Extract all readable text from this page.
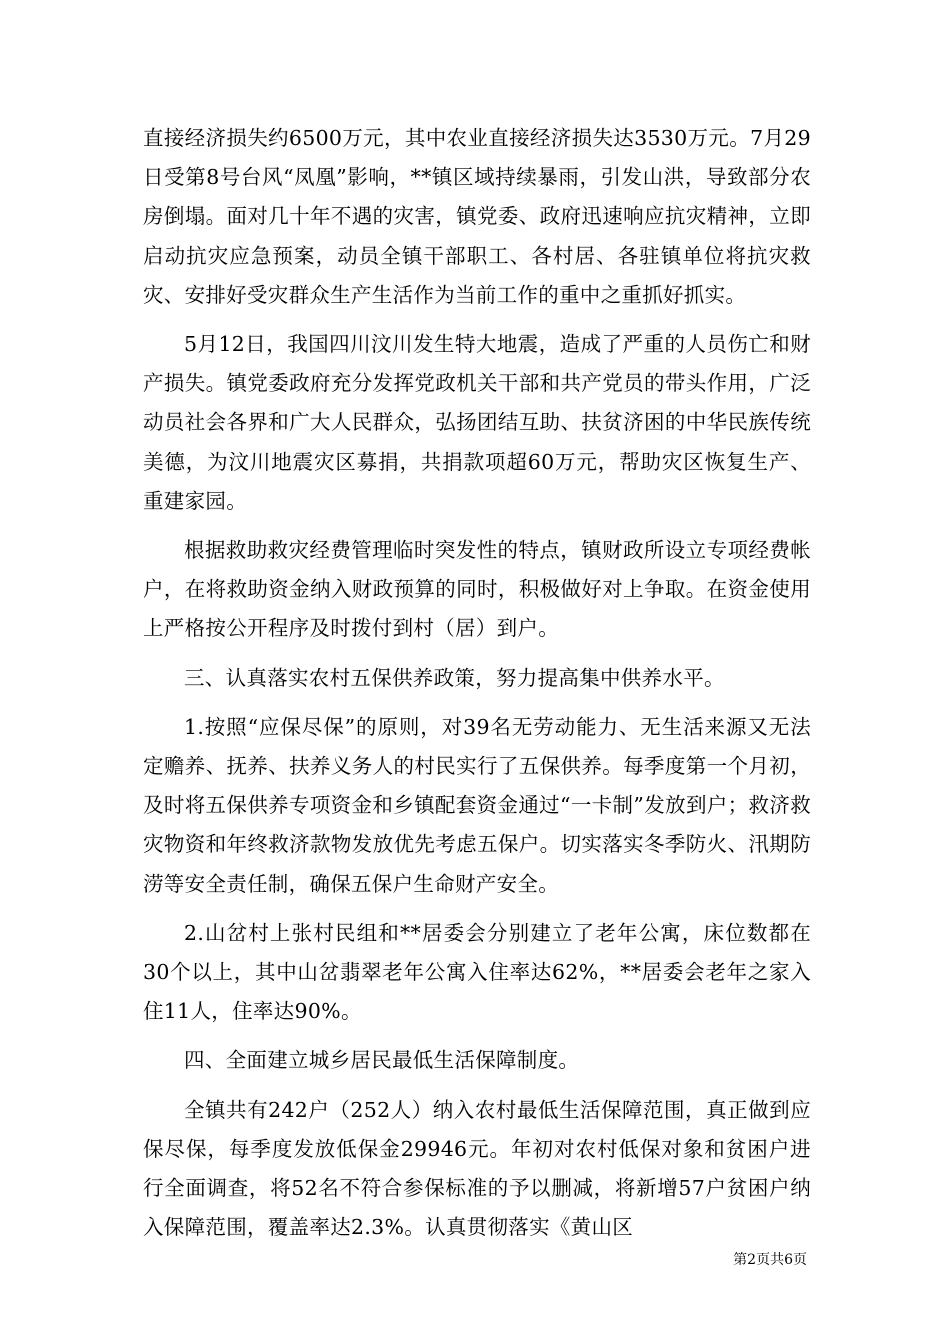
直接经济损失约6500万元，其中农业直接经济损失达3530万元。7月29日受第8号台风“凤凰”影响，**镇区域持续暴雨，引发山洪，导致部分农房倒塌。面对几十年不遇的灾害，镇党委、政府迅速响应抗灾精神，立即启动抗灾应急预案，动员全镇干部职工、各村居、各驻镇单位将抗灾救灾、安排好受灾群众生产生活作为当前工作的重中之重抓好抓实。

5月12日，我国四川汶川发生特大地震，造成了严重的人员伤亡和财产损失。镇党委政府充分发挥党政机关干部和共产党员的带头作用，广泛动员社会各界和广大人民群众，弘扬团结互助、扶贫济困的中华民族传统美德，为汶川地震灾区募捐，共捐款项超60万元，帮助灾区恢复生产、重建家园。

根据救助救灾经费管理临时突发性的特点，镇财政所设立专项经费帐户，在将救助资金纳入财政预算的同时，积极做好对上争取。在资金使用上严格按公开程序及时拨付到村（居）到户。

三、认真落实农村五保供养政策，努力提高集中供养水平。

1.按照“应保尽保”的原则，对39名无劳动能力、无生活来源又无法定赡养、抚养、扶养义务人的村民实行了五保供养。每季度第一个月初，及时将五保供养专项资金和乡镇配套资金通过“一卡制”发放到户；救济救灾物资和年终救济款物发放优先考虑五保户。切实落实冬季防火、汛期防涝等安全责任制，确保五保户生命财产安全。

2.山岔村上张村民组和**居委会分别建立了老年公寓，床位数都在30个以上，其中山岔翡翠老年公寓入住率达62%，**居委会老年之家入住11人，住率达90%。

四、全面建立城乡居民最低生活保障制度。

全镇共有242户（252人）纳入农村最低生活保障范围，真正做到应保尽保，每季度发放低保金29946元。年初对农村低保对象和贫困户进行全面调查，将52名不符合参保标准的予以删减，将新增57户贫困户纳入保障范围，覆盖率达2.3%。认真贯彻落实《黄山区

第2页共6页
